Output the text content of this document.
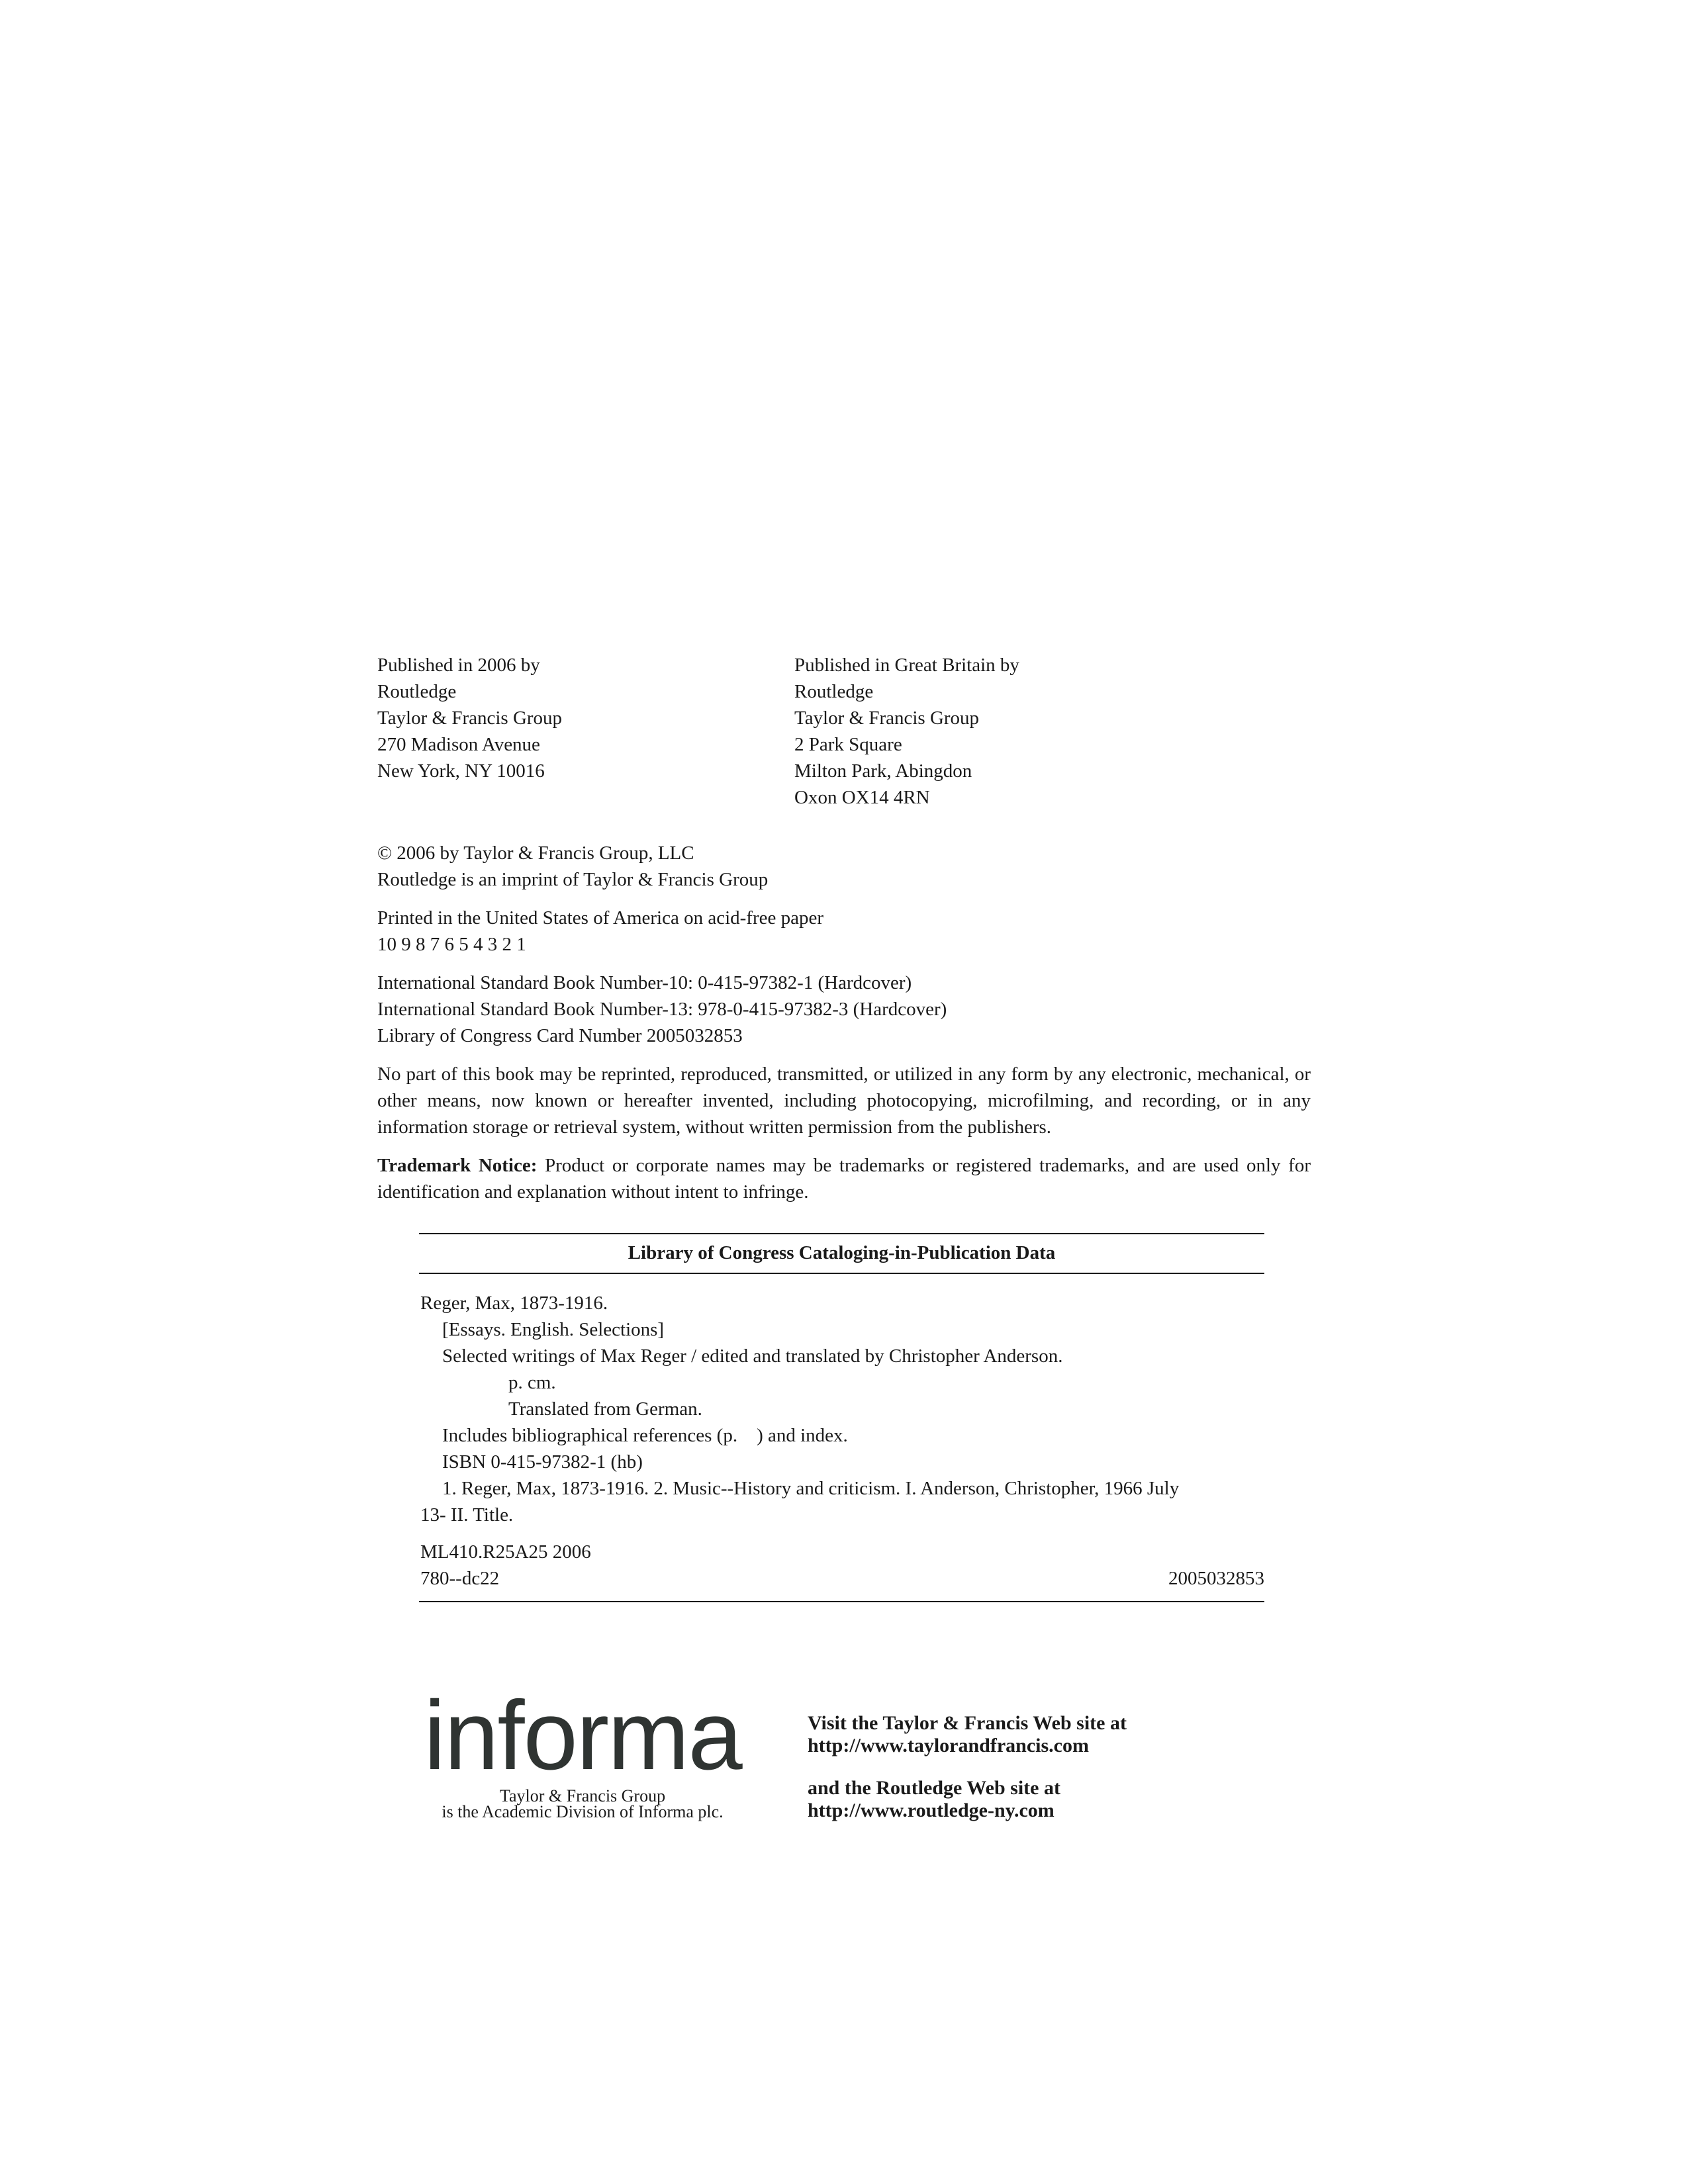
Published in 2006 by
Routledge
Taylor & Francis Group
270 Madison Avenue
New York, NY 10016
Published in Great Britain by
Routledge
Taylor & Francis Group
2 Park Square
Milton Park, Abingdon
Oxon OX14 4RN
© 2006 by Taylor & Francis Group, LLC
Routledge is an imprint of Taylor & Francis Group
Printed in the United States of America on acid-free paper
10 9 8 7 6 5 4 3 2 1
International Standard Book Number-10: 0-415-97382-1 (Hardcover)
International Standard Book Number-13: 978-0-415-97382-3 (Hardcover)
Library of Congress Card Number 2005032853
No part of this book may be reprinted, reproduced, transmitted, or utilized in any form by any electronic, mechanical, or other means, now known or hereafter invented, including photocopying, microfilming, and recording, or in any information storage or retrieval system, without written permission from the publishers.
Trademark Notice: Product or corporate names may be trademarks or registered trademarks, and are used only for identification and explanation without intent to infringe.
Library of Congress Cataloging-in-Publication Data
Reger, Max, 1873-1916.
[Essays. English. Selections]
Selected writings of Max Reger / edited and translated by Christopher Anderson.
p. cm.
Translated from German.
Includes bibliographical references (p.    ) and index.
ISBN 0-415-97382-1 (hb)
1. Reger, Max, 1873-1916. 2. Music--History and criticism. I. Anderson, Christopher, 1966 July
13- II. Title.
ML410.R25A25 2006
780--dc22	2005032853
informa
Taylor & Francis Group
is the Academic Division of Informa plc.
Visit the Taylor & Francis Web site at
http://www.taylorandfrancis.com
and the Routledge Web site at
http://www.routledge-ny.com
